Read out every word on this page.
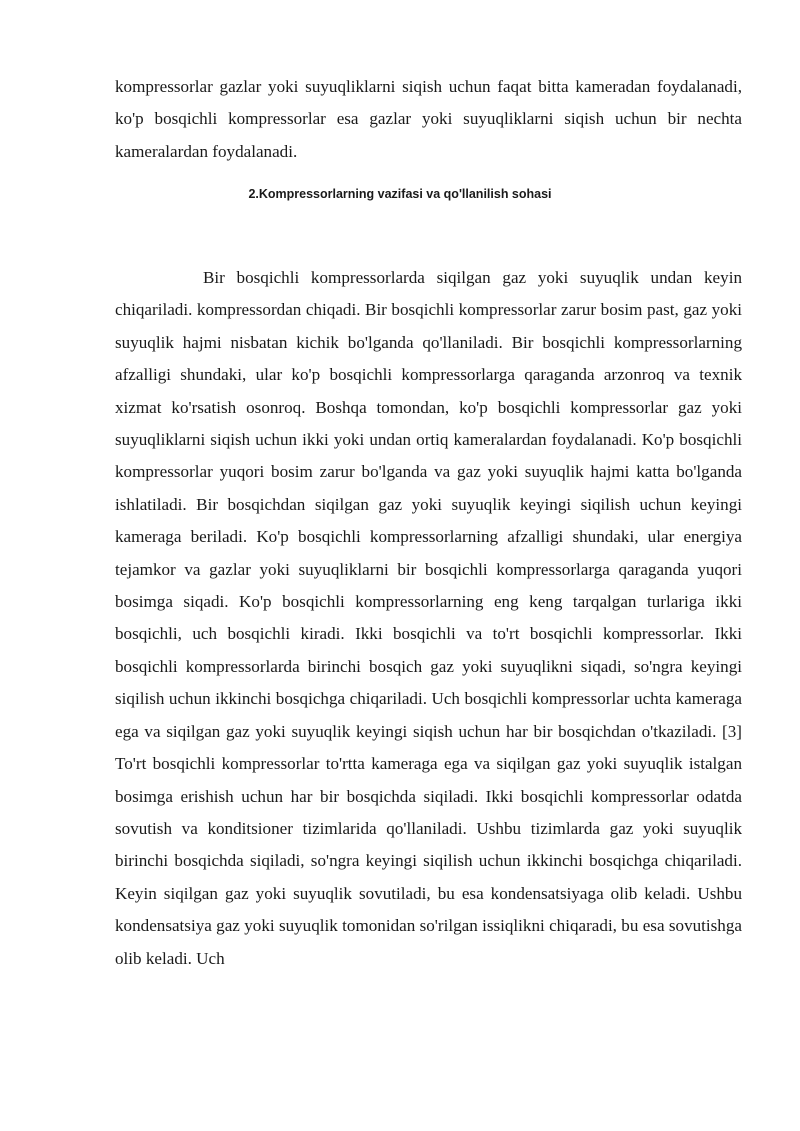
kompressorlar gazlar yoki suyuqliklarni siqish uchun faqat bitta kameradan foydalanadi, ko'p bosqichli kompressorlar esa gazlar yoki suyuqliklarni siqish uchun bir nechta kameralardan foydalanadi.

2.Kompressorlarning vazifasi va qo'llanilish sohasi

Bir bosqichli kompressorlarda siqilgan gaz yoki suyuqlik undan keyin chiqariladi. kompressordan chiqadi. Bir bosqichli kompressorlar zarur bosim past, gaz yoki suyuqlik hajmi nisbatan kichik bo'lganda qo'llaniladi. Bir bosqichli kompressorlarning afzalligi shundaki, ular ko'p bosqichli kompressorlarga qaraganda arzonroq va texnik xizmat ko'rsatish osonroq. Boshqa tomondan, ko'p bosqichli kompressorlar gaz yoki suyuqliklarni siqish uchun ikki yoki undan ortiq kameralardan foydalanadi. Ko'p bosqichli kompressorlar yuqori bosim zarur bo'lganda va gaz yoki suyuqlik hajmi katta bo'lganda ishlatiladi. Bir bosqichdan siqilgan gaz yoki suyuqlik keyingi siqilish uchun keyingi kameraga beriladi. Ko'p bosqichli kompressorlarning afzalligi shundaki, ular energiya tejamkor va gazlar yoki suyuqliklarni bir bosqichli kompressorlarga qaraganda yuqori bosimga siqadi. Ko'p bosqichli kompressorlarning eng keng tarqalgan turlariga ikki bosqichli, uch bosqichli kiradi. Ikki bosqichli va to'rt bosqichli kompressorlar. Ikki bosqichli kompressorlarda birinchi bosqich gaz yoki suyuqlikni siqadi, so'ngra keyingi siqilish uchun ikkinchi bosqichga chiqariladi. Uch bosqichli kompressorlar uchta kameraga ega va siqilgan gaz yoki suyuqlik keyingi siqish uchun har bir bosqichdan o'tkaziladi. [3] To'rt bosqichli kompressorlar to'rtta kameraga ega va siqilgan gaz yoki suyuqlik istalgan bosimga erishish uchun har bir bosqichda siqiladi. Ikki bosqichli kompressorlar odatda sovutish va konditsioner tizimlarida qo'llaniladi. Ushbu tizimlarda gaz yoki suyuqlik birinchi bosqichda siqiladi, so'ngra keyingi siqilish uchun ikkinchi bosqichga chiqariladi. Keyin siqilgan gaz yoki suyuqlik sovutiladi, bu esa kondensatsiyaga olib keladi. Ushbu kondensatsiya gaz yoki suyuqlik tomonidan so'rilgan issiqlikni chiqaradi, bu esa sovutishga olib keladi. Uch
